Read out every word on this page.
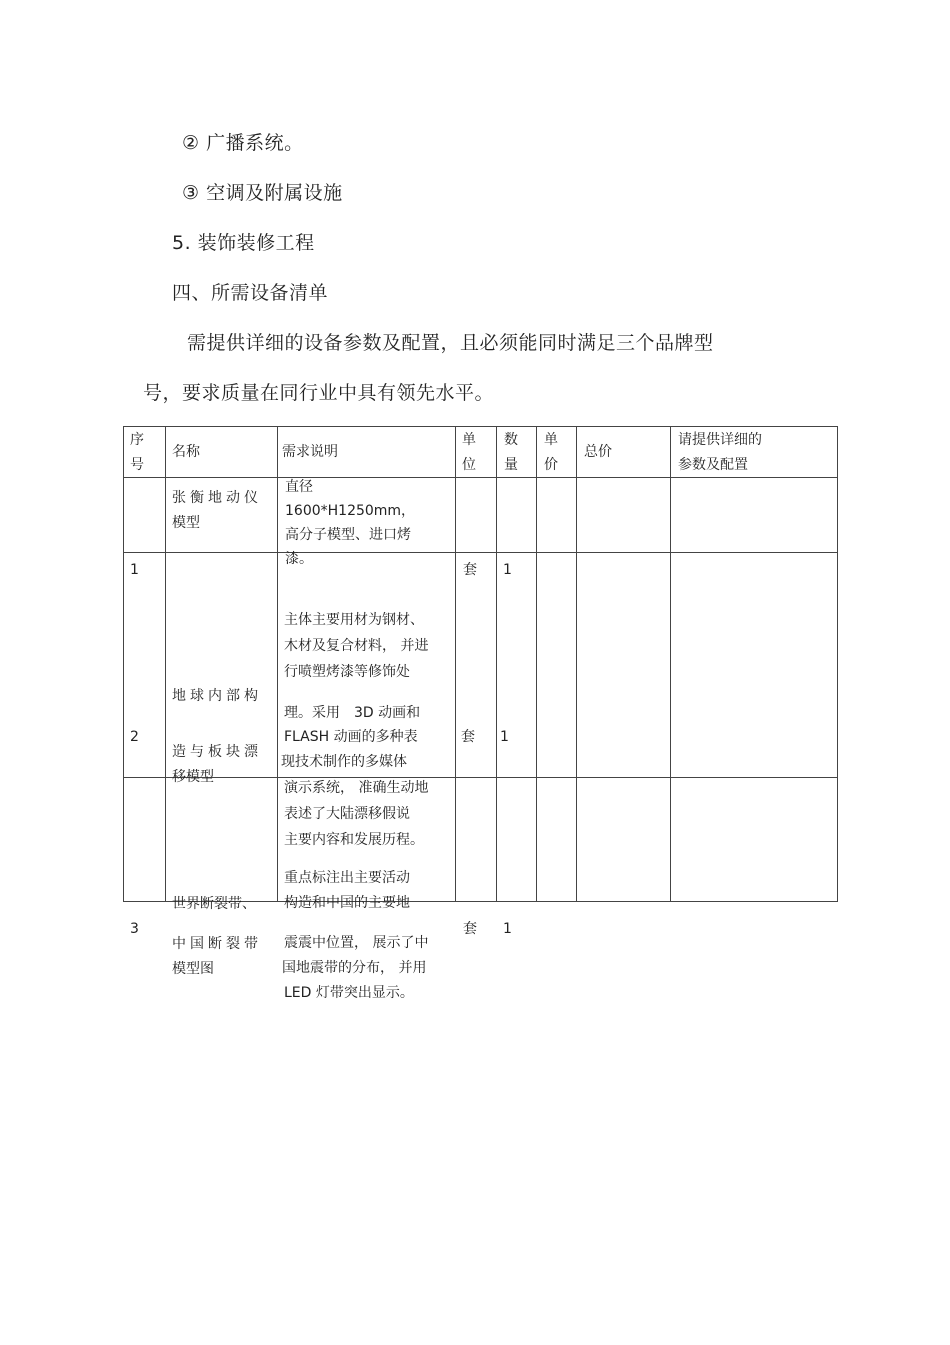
② 广播系统。
③ 空调及附属设施
5. 装饰装修工程
四、所需设备清单
需提供详细的设备参数及配置，且必须能同时满足三个品牌型
号，要求质量在同行业中具有领先水平。
序
号
名称	需求说明
单
位
数
量
单
价
总价
请提供详细的
参数及配置
1
张衡地动仪
模型
直径
1600*H1250mm，
高分子模型、进口烤
漆。
套 1
2
地球内部构
造与板块漂
移模型
主体主要用材为钢材、
木材及复合材料， 并进
行喷塑烤漆等修饰处
理。采用　3D 动画和
FLASH 动画的多种表
现技术制作的多媒体
演示系统， 准确生动地
表述了大陆漂移假说
主要内容和发展历程。
套 1
3
世界断裂带、
中国断裂带
模型图
重点标注出主要活动
构造和中国的主要地
震震中位置， 展示了中
国地震带的分布， 并用
LED 灯带突出显示。
套 1
